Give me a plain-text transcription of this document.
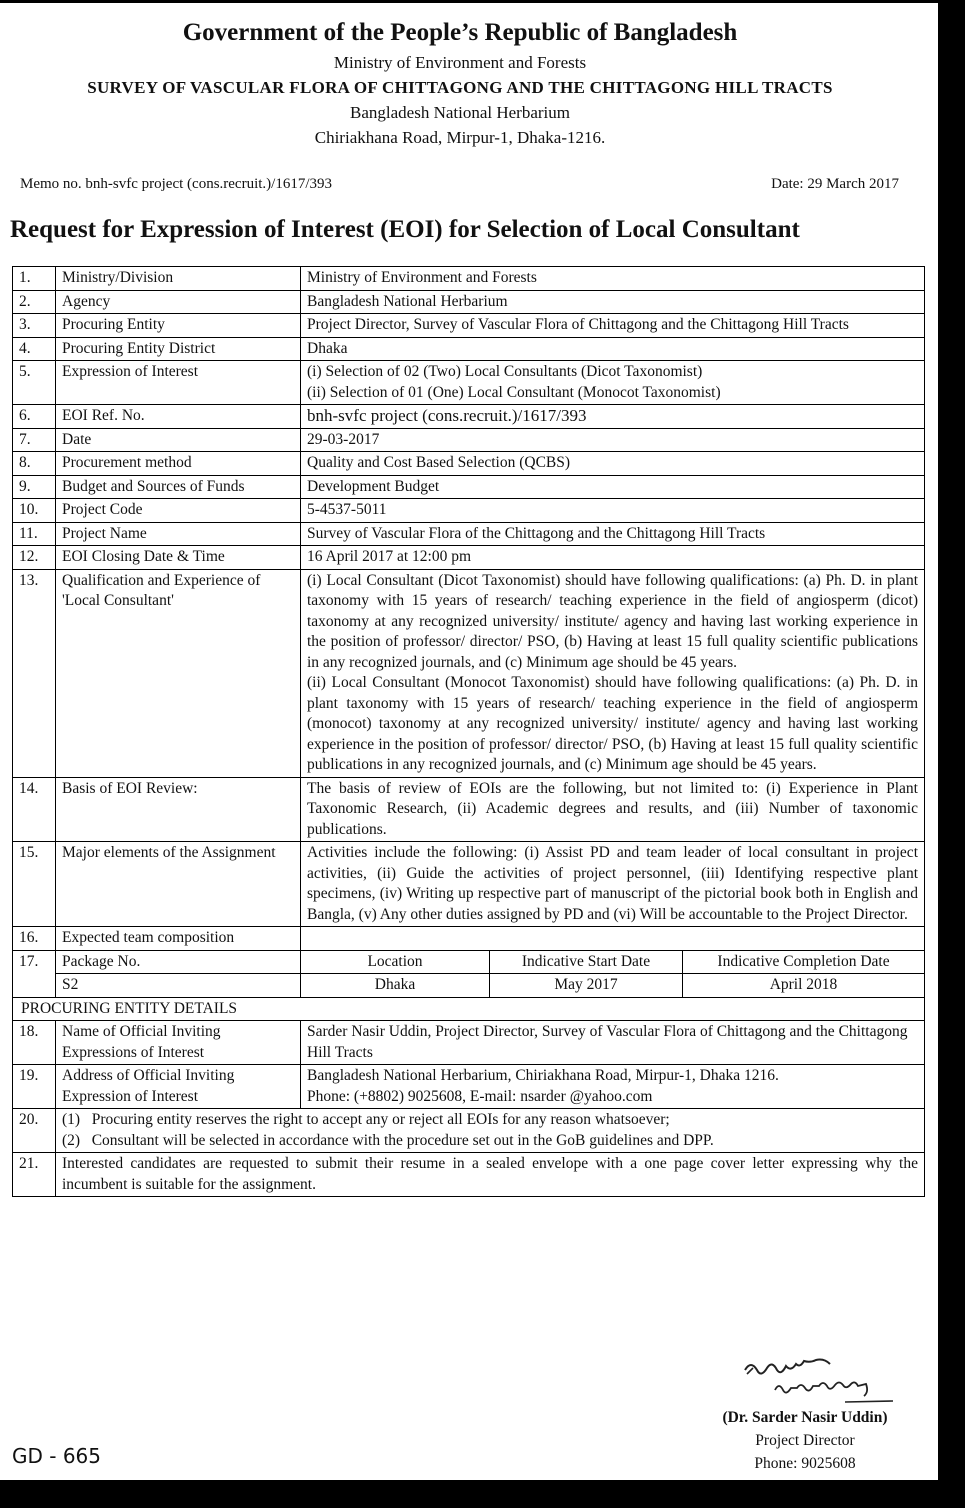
Government of the People’s Republic of Bangladesh
Ministry of Environment and Forests
SURVEY OF VASCULAR FLORA OF CHITTAGONG AND THE CHITTAGONG HILL TRACTS
Bangladesh National Herbarium
Chiriakhana Road, Mirpur-1, Dhaka-1216.
Memo no. bnh-svfc project (cons.recruit.)/1617/393	Date: 29 March 2017
Request for Expression of Interest (EOI) for Selection of Local Consultant
1.	Ministry/Division	Ministry of Environment and Forests		
2.	Agency	Bangladesh National Herbarium		
3.	Procuring Entity	Project Director, Survey of Vascular Flora of Chittagong and the Chittagong Hill Tracts		
4.	Procuring Entity District	Dhaka		
5.	Expression of Interest	(i) Selection of 02 (Two) Local Consultants (Dicot Taxonomist)
(ii) Selection of 01 (One) Local Consultant (Monocot Taxonomist)		

6.	EOI Ref. No.	bnh-svfc project (cons.recruit.)/1617/393		
7.	Date	29-03-2017		
8.	Procurement method	Quality and Cost Based Selection (QCBS)		
9.	Budget and Sources of Funds	Development Budget		
10.	Project Code	5-4537-5011		
11.	Project Name	Survey of Vascular Flora of the Chittagong and the Chittagong Hill Tracts		
12.	EOI Closing Date & Time	16 April 2017 at 12:00 pm		
13.	Qualification and Experience of 'Local Consultant'	(i) Local Consultant (Dicot Taxonomist) should have following qualifications: (a) Ph. D. in plant taxonomy with 15 years of research/ teaching experience in the field of angiosperm (dicot) taxonomy at any recognized university/ institute/ agency and having last working experience in the position of professor/ director/ PSO, (b) Having at least 15 full quality scientific publications in any recognized journals, and (c) Minimum age should be 45 years.
(ii) Local Consultant (Monocot Taxonomist) should have following qualifications: (a) Ph. D. in plant taxonomy with 15 years of research/ teaching experience in the field of angiosperm (monocot) taxonomy at any recognized university/ institute/ agency and having last working experience in the position of professor/ director/ PSO, (b) Having at least 15 full quality scientific publications in any recognized journals, and (c) Minimum age should be 45 years.		

14.	Basis of EOI Review:	The basis of review of EOIs are the following, but not limited to: (i) Experience in Plant Taxonomic Research, (ii) Academic degrees and results, and (iii) Number of taxonomic publications.		
15.	Major elements of the Assignment	Activities include the following: (i) Assist PD and team leader of local consultant in project activities, (ii) Guide the activities of project personnel, (iii) Identifying respective plant specimens, (iv) Writing up respective part of manuscript of the pictorial book both in English and Bangla, (v) Any other duties assigned by PD and (vi) Will be accountable to the Project Director.		
16.	Expected team composition			
17.	Package No.	Location	Indicative Start Date	Indicative Completion Date
	S2	Dhaka	May 2017	April 2018
PROCURING ENTITY DETAILS				
18.	Name of Official Inviting Expressions of Interest	Sarder Nasir Uddin, Project Director, Survey of Vascular Flora of Chittagong and the Chittagong Hill Tracts		
19.	Address of Official Inviting Expression of Interest	Bangladesh National Herbarium, Chiriakhana Road, Mirpur-1, Dhaka 1216.
Phone: (+8802) 9025608, E-mail: nsarder @yahoo.com		

20.	(1)   Procuring entity reserves the right to accept any or reject all EOIs for any reason whatsoever;
(2)   Consultant will be selected in accordance with the procedure set out in the GoB guidelines and DPP.			

21.	Interested candidates are requested to submit their resume in a sealed envelope with a one page cover letter expressing why the incumbent is suitable for the assignment.			
(Dr. Sarder Nasir Uddin)
Project Director
Phone: 9025608
GD - 665
